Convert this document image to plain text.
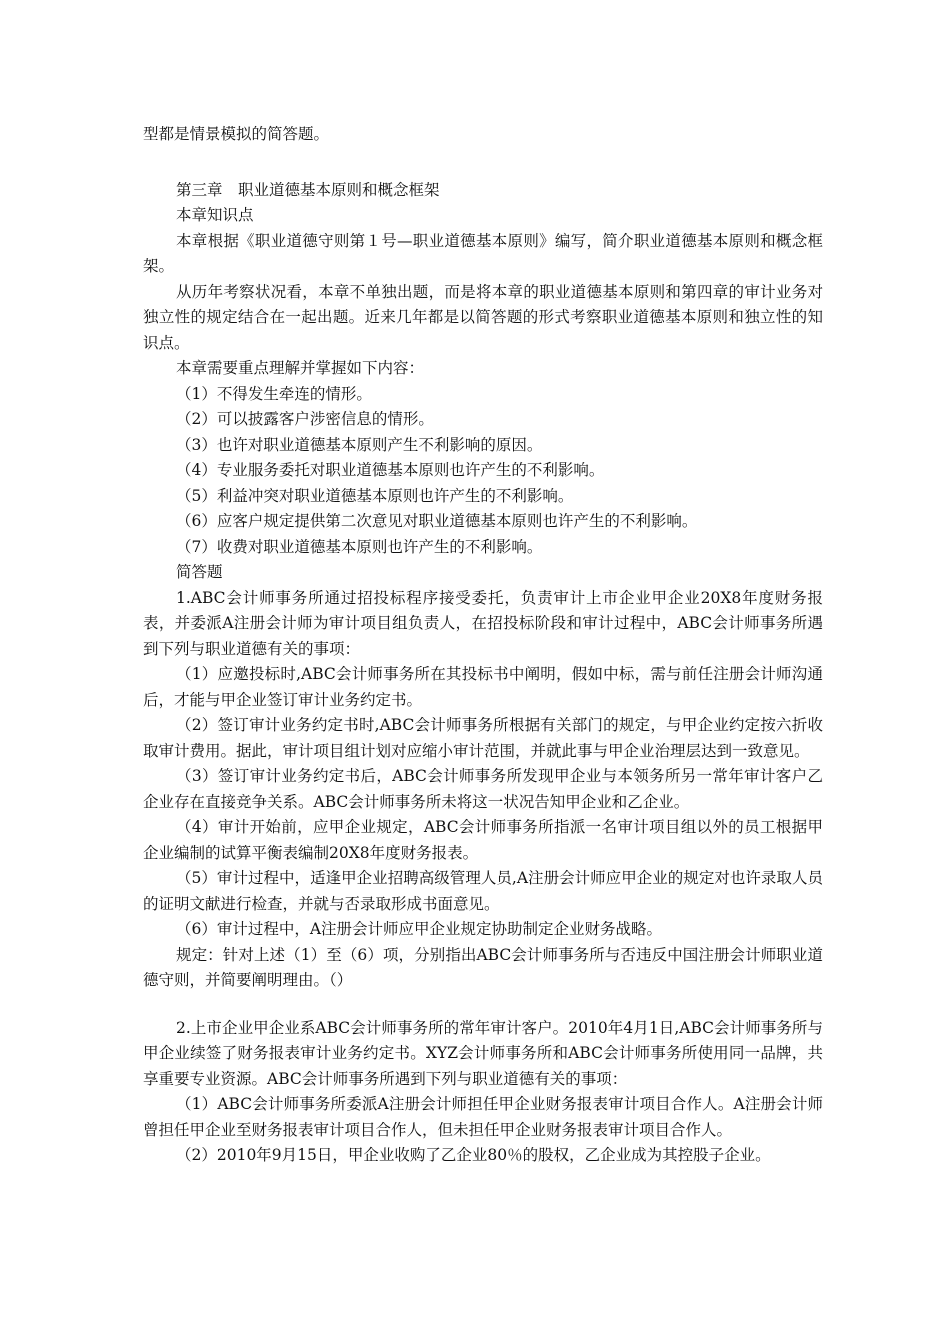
型都是情景模拟的简答题。

第三章　职业道德基本原则和概念框架

本章知识点

本章根据《职业道德守则第１号—职业道德基本原则》编写，简介职业道德基本原则和概念框架。

从历年考察状况看，本章不单独出题，而是将本章的职业道德基本原则和第四章的审计业务对独立性的规定结合在一起出题。近来几年都是以简答题的形式考察职业道德基本原则和独立性的知识点。

本章需要重点理解并掌握如下内容：

（1）不得发生牵连的情形。

（2）可以披露客户涉密信息的情形。

（3）也许对职业道德基本原则产生不利影响的原因。

（4）专业服务委托对职业道德基本原则也许产生的不利影响。

（5）利益冲突对职业道德基本原则也许产生的不利影响。

（6）应客户规定提供第二次意见对职业道德基本原则也许产生的不利影响。

（7）收费对职业道德基本原则也许产生的不利影响。

简答题

1.ABC会计师事务所通过招投标程序接受委托，负责审计上市企业甲企业20X8年度财务报表，并委派A注册会计师为审计项目组负责人，在招投标阶段和审计过程中，ABC会计师事务所遇到下列与职业道德有关的事项：

（1）应邀投标时,ABC会计师事务所在其投标书中阐明，假如中标，需与前任注册会计师沟通后，才能与甲企业签订审计业务约定书。

（2）签订审计业务约定书时,ABC会计师事务所根据有关部门的规定，与甲企业约定按六折收取审计费用。据此，审计项目组计划对应缩小审计范围，并就此事与甲企业治理层达到一致意见。

（3）签订审计业务约定书后，ABC会计师事务所发现甲企业与本领务所另一常年审计客户乙企业存在直接竞争关系。ABC会计师事务所未将这一状况告知甲企业和乙企业。

（4）审计开始前，应甲企业规定，ABC会计师事务所指派一名审计项目组以外的员工根据甲企业编制的试算平衡表编制20X8年度财务报表。

（5）审计过程中，适逢甲企业招聘高级管理人员,A注册会计师应甲企业的规定对也许录取人员的证明文献进行检查，并就与否录取形成书面意见。

（6）审计过程中，A注册会计师应甲企业规定协助制定企业财务战略。

规定：针对上述（1）至（6）项，分别指出ABC会计师事务所与否违反中国注册会计师职业道德守则，并简要阐明理由。（）

2.上市企业甲企业系ABC会计师事务所的常年审计客户。2010年4月1日,ABC会计师事务所与甲企业续签了财务报表审计业务约定书。XYZ会计师事务所和ABC会计师事务所使用同一品牌，共享重要专业资源。ABC会计师事务所遇到下列与职业道德有关的事项：

（1）ABC会计师事务所委派A注册会计师担任甲企业财务报表审计项目合作人。A注册会计师曾担任甲企业至财务报表审计项目合作人，但未担任甲企业财务报表审计项目合作人。

（2）2010年9月15日，甲企业收购了乙企业80％的股权，乙企业成为其控股子企业。
